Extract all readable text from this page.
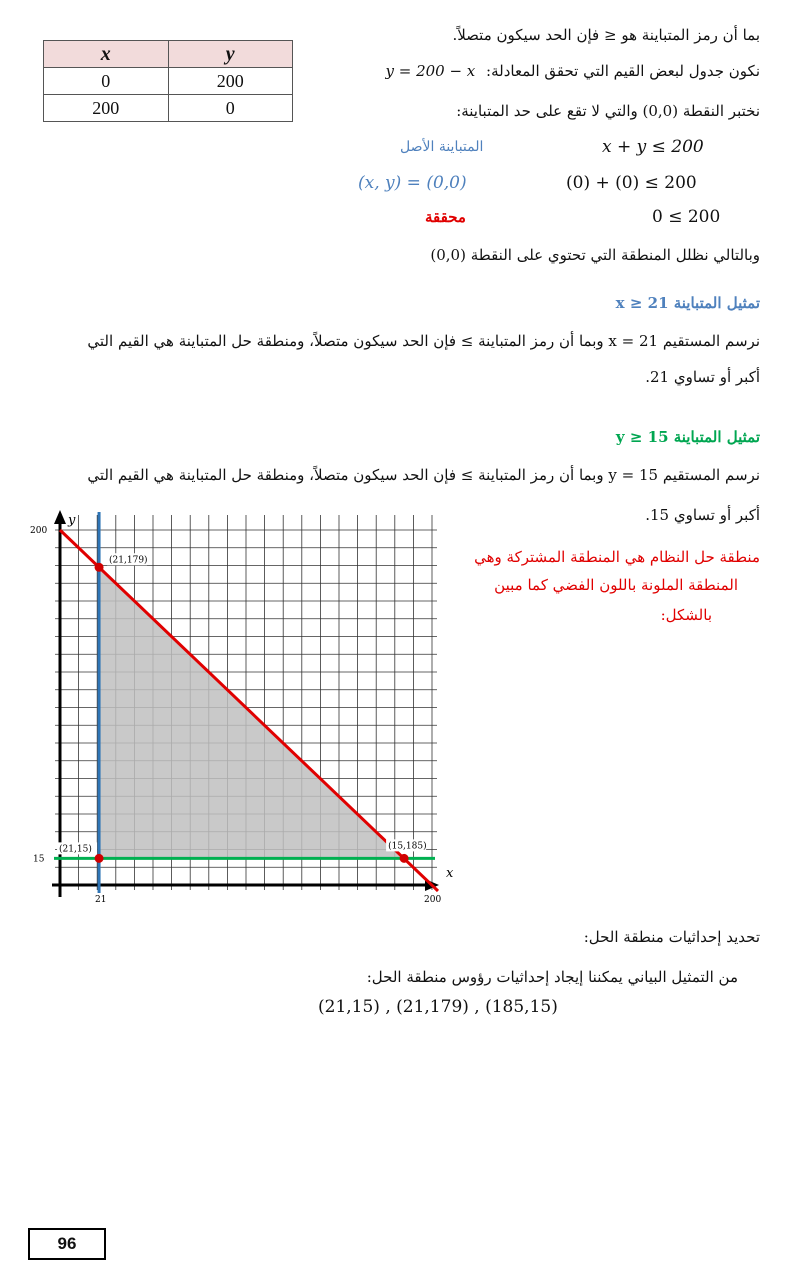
بما أن رمز المتباينة هو ≤ فإن الحد سيكون متصلاً.
نكون جدول لبعض القيم التي تحقق المعادلة: y = 200 − x
نختبر النقطة (0,0) والتي لا تقع على حد المتباينة:
x	y
0	200
200	0
x + y ≤ 200
المتباينة الأصل
(0) + (0) ≤ 200
(x, y) = (0,0)
0 ≤ 200
محققة
وبالتالي نظلل المنطقة التي تحتوي على النقطة (0,0)
تمثيل المتباينة x ≥ 21
نرسم المستقيم x = 21 وبما أن رمز المتباينة ≥ فإن الحد سيكون متصلاً، ومنطقة حل المتباينة هي القيم التي
أكبر أو تساوي 21.
تمثيل المتباينة y ≥ 15
نرسم المستقيم y = 15 وبما أن رمز المتباينة ≥ فإن الحد سيكون متصلاً، ومنطقة حل المتباينة هي القيم التي
أكبر أو تساوي 15.
منطقة حل النظام هي المنطقة المشتركة وهي
المنطقة الملونة باللون الفضي كما مبين
بالشكل:
x
y
21	200
200
15
(21,15)
(21,179)
(15,185)
تحديد إحداثيات منطقة الحل:
من التمثيل البياني يمكننا إيجاد إحداثيات رؤوس منطقة الحل:
(21,15) , (21,179) , (185,15)
96
